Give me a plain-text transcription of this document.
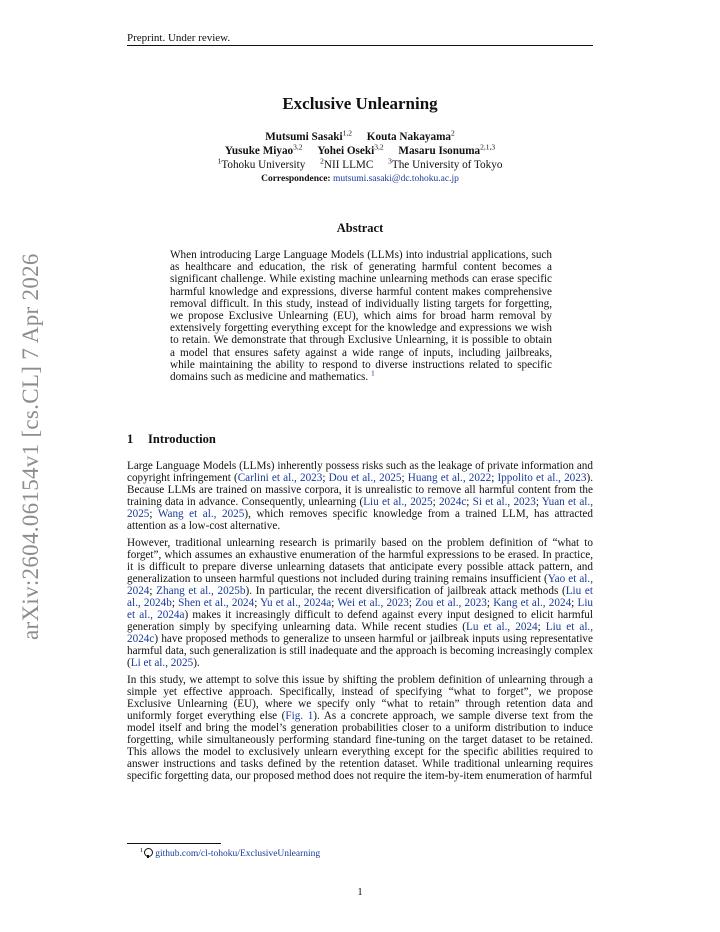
Preprint. Under review.
arXiv:2604.06154v1 [cs.CL] 7 Apr 2026
Exclusive Unlearning
Mutsumi Sasaki$^{1,2}$ Kouta Nakayama$^2$
Yusuke Miyao$^{3,2}$ Yohei Oseki$^{3,2}$ Masaru Isonuma$^{2,1,3}$
$^1$Tohoku University $^2$NII LLMC $^3$The University of Tokyo
Correspondence: mutsumi.sasaki@dc.tohoku.ac.jp
Abstract
When introducing Large Language Models (LLMs) into industrial applications, such as healthcare and education, the risk of generating harmful content becomes a significant challenge. While existing machine unlearning methods can erase specific harmful knowledge and expressions, diverse harmful content makes comprehensive removal difficult. In this study, instead of individually listing targets for forgetting, we propose Exclusive Unlearning (EU), which aims for broad harm removal by extensively forgetting everything except for the knowledge and expressions we wish to retain. We demonstrate that through Exclusive Unlearning, it is possible to obtain a model that ensures safety against a wide range of inputs, including jailbreaks, while maintaining the ability to respond to diverse instructions related to specific domains such as medicine and mathematics. $^1$
1 Introduction

Large Language Models (LLMs) inherently possess risks such as the leakage of private information and copyright infringement (Carlini et al., 2023; Dou et al., 2025; Huang et al., 2022; Ippolito et al., 2023). Because LLMs are trained on massive corpora, it is unrealistic to remove all harmful content from the training data in advance. Consequently, unlearning (Liu et al., 2025; 2024c; Si et al., 2023; Yuan et al., 2025; Wang et al., 2025), which removes specific knowledge from a trained LLM, has attracted attention as a low-cost alternative.

However, traditional unlearning research is primarily based on the problem definition of “what to forget”, which assumes an exhaustive enumeration of the harmful expressions to be erased. In practice, it is difficult to prepare diverse unlearning datasets that anticipate every possible attack pattern, and generalization to unseen harmful questions not included during training remains insufficient (Yao et al., 2024; Zhang et al., 2025b). In particular, the recent diversification of jailbreak attack methods (Liu et al., 2024b; Shen et al., 2024; Yu et al., 2024a; Wei et al., 2023; Zou et al., 2023; Kang et al., 2024; Liu et al., 2024a) makes it increasingly difficult to defend against every input designed to elicit harmful generation simply by specifying unlearning data. While recent studies (Lu et al., 2024; Liu et al., 2024c) have proposed methods to generalize to unseen harmful or jailbreak inputs using representative harmful data, such generalization is still inadequate and the approach is becoming increasingly complex (Li et al., 2025).

In this study, we attempt to solve this issue by shifting the problem definition of unlearning through a simple yet effective approach. Specifically, instead of specifying “what to forget”, we propose Exclusive Unlearning (EU), where we specify only “what to retain” through retention data and uniformly forget everything else (Fig. 1). As a concrete approach, we sample diverse text from the model itself and bring the model’s generation probabilities closer to a uniform distribution to induce forgetting, while simultaneously performing standard fine-tuning on the target dataset to be retained. This allows the model to exclusively unlearn everything except for the specific abilities required to answer instructions and tasks defined by the retention dataset. While traditional unlearning requires specific forgetting data, our proposed method does not require the item-by-item enumeration of harmful

$^1$ github.com/cl-tohoku/ExclusiveUnlearning
1
